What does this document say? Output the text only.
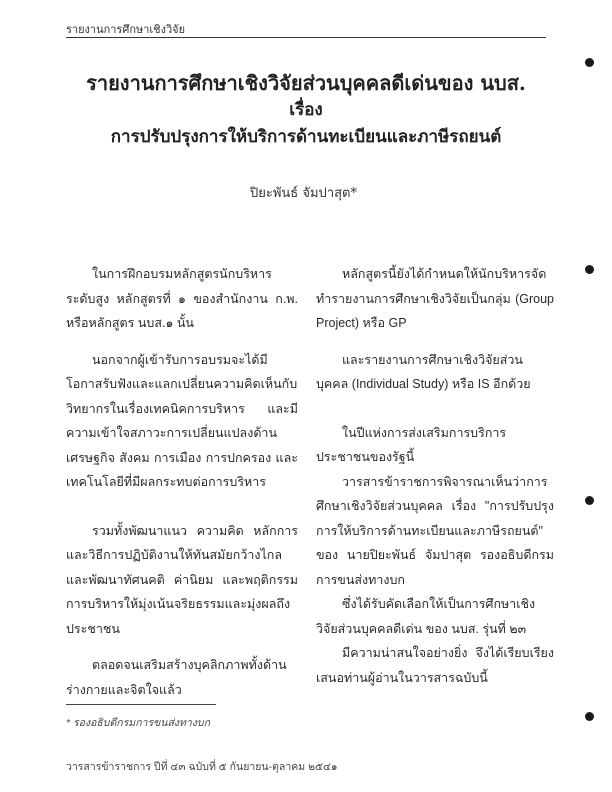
รายงานการศึกษาเชิงวิจัย
รายงานการศึกษาเชิงวิจัยส่วนบุคคลดีเด่นของ นบส.
เรื่อง
การปรับปรุงการให้บริการด้านทะเบียนและภาษีรถยนต์
ปิยะพันธ์ จัมปาสุต*
ในการฝึกอบรมหลักสูตรนักบริหารระดับสูง หลักสูตรที่ ๑ ของสำนักงาน ก.พ. หรือหลักสูตร นบส.๑ นั้น
นอกจากผู้เข้ารับการอบรมจะได้มีโอกาสรับฟังและแลกเปลี่ยนความคิดเห็นกับวิทยากรในเรื่องเทคนิคการบริหาร และมีความเข้าใจสภาวะการเปลี่ยนแปลงด้านเศรษฐกิจ สังคม การเมือง การปกครอง และเทคโนโลยีที่มีผลกระทบต่อการบริหาร
รวมทั้งพัฒนาแนว ความคิด หลักการ และวิธีการปฏิบัติงานให้ทันสมัยกว้างไกล และพัฒนาทัศนคติ ค่านิยม และพฤติกรรมการบริหารให้มุ่งเน้นจริยธรรมและมุ่งผลถึงประชาชน
ตลอดจนเสริมสร้างบุคลิกภาพทั้งด้านร่างกายและจิตใจแล้ว
หลักสูตรนี้ยังได้กำหนดให้นักบริหารจัดทำรายงานการศึกษาเชิงวิจัยเป็นกลุ่ม (Group Project) หรือ GP
และรายงานการศึกษาเชิงวิจัยส่วนบุคคล (Individual Study) หรือ IS อีกด้วย
ในปีแห่งการส่งเสริมการบริการประชาชนของรัฐนี้
วารสารข้าราชการพิจารณาเห็นว่าการศึกษาเชิงวิจัยส่วนบุคคล เรื่อง "การปรับปรุงการให้บริการด้านทะเบียนและภาษีรถยนต์" ของ นายปิยะพันธ์ จัมปาสุต รองอธิบดีกรมการขนส่งทางบก
ซึ่งได้รับคัดเลือกให้เป็นการศึกษาเชิงวิจัยส่วนบุคคลดีเด่น ของ นบส. รุ่นที่ ๒๓
มีความน่าสนใจอย่างยิ่ง จึงได้เรียบเรียงเสนอท่านผู้อ่านในวารสารฉบับนี้
* รองอธิบดีกรมการขนส่งทางบก
วารสารข้าราชการ ปีที่ ๔๓ ฉบับที่ ๕ กันยายน-ตุลาคม ๒๕๔๑
